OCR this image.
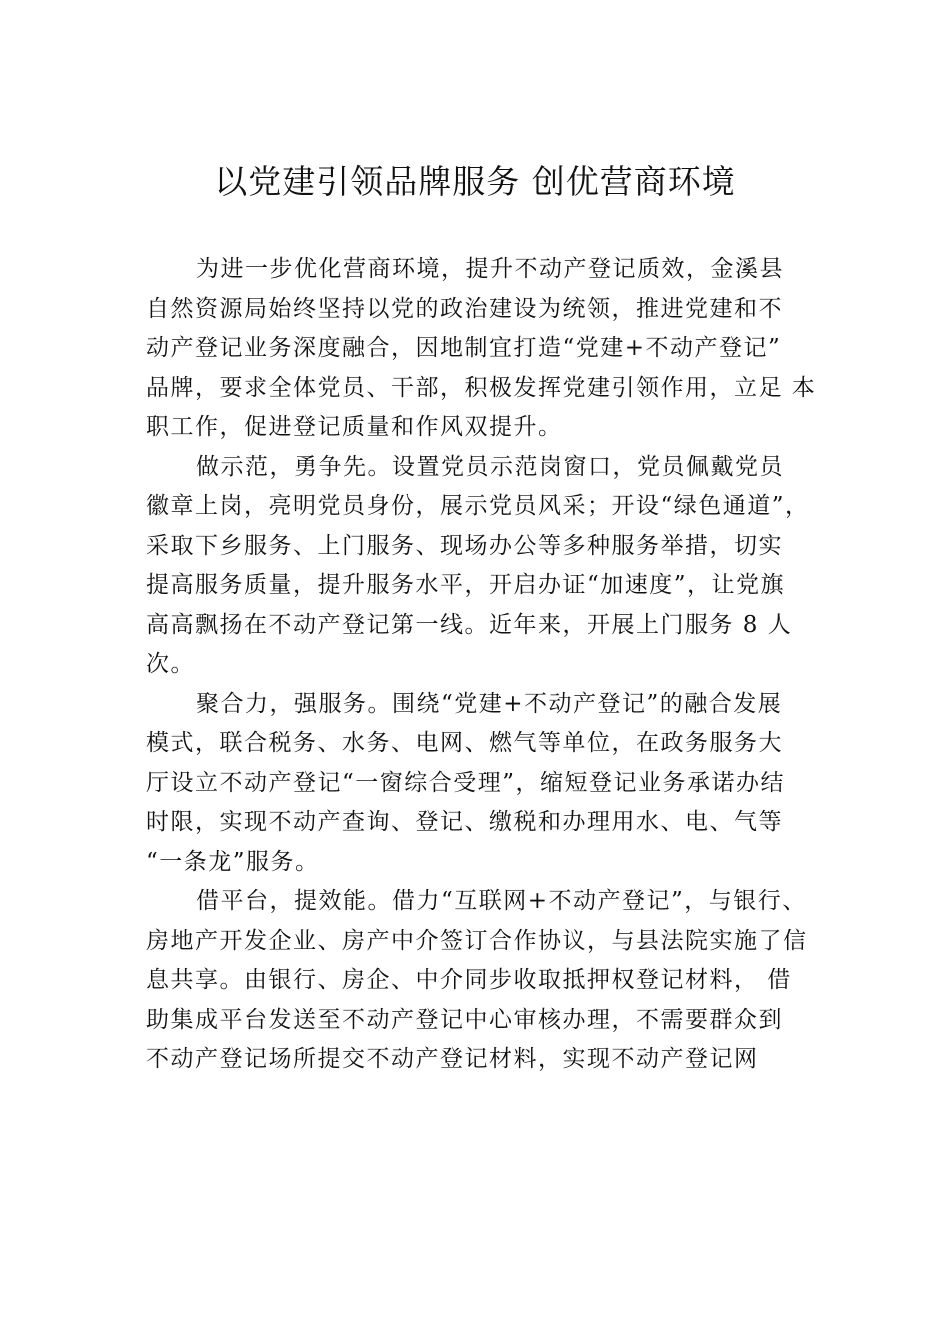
以党建引领品牌服务 创优营商环境
为进一步优化营商环境，提升不动产登记质效，金溪县
自然资源局始终坚持以党的政治建设为统领，推进党建和不
动产登记业务深度融合，因地制宜打造“党建+不动产登记”
品牌，要求全体党员、干部，积极发挥党建引领作用，立足 本
职工作，促进登记质量和作风双提升。
做示范，勇争先。设置党员示范岗窗口，党员佩戴党员
徽章上岗，亮明党员身份，展示党员风采；开设“绿色通道”，
采取下乡服务、上门服务、现场办公等多种服务举措，切实
提高服务质量，提升服务水平，开启办证“加速度”，让党旗
高高飘扬在不动产登记第一线。近年来，开展上门服务 8 人
次。
聚合力，强服务。围绕“党建+不动产登记”的融合发展
模式，联合税务、水务、电网、燃气等单位，在政务服务大
厅设立不动产登记“一窗综合受理”，缩短登记业务承诺办结
时限，实现不动产查询、登记、缴税和办理用水、电、气等
“一条龙”服务。
借平台，提效能。借力“互联网+不动产登记”，与银行、
房地产开发企业、房产中介签订合作协议，与县法院实施了信
息共享。由银行、房企、中介同步收取抵押权登记材料， 借
助集成平台发送至不动产登记中心审核办理，不需要群众到
不动产登记场所提交不动产登记材料，实现不动产登记网
